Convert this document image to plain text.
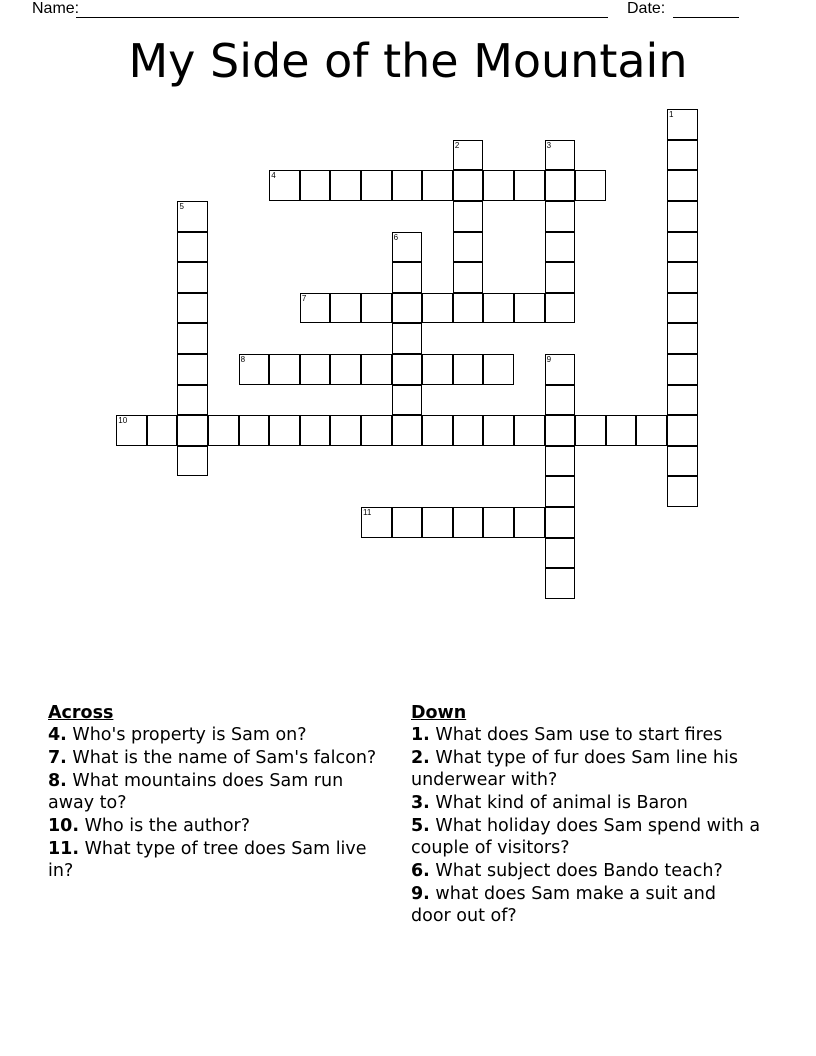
Name:	Date:
My Side of the Mountain
1
2	3
4
5
6
7
8	9
10
11
Across
4. Who's property is Sam on?
7. What is the name of Sam's falcon?
8. What mountains does Sam run away to?
10. Who is the author?
11. What type of tree does Sam live in?
Down
1. What does Sam use to start fires
2. What type of fur does Sam line his underwear with?
3. What kind of animal is Baron
5. What holiday does Sam spend with a couple of visitors?
6. What subject does Bando teach?
9. what does Sam make a suit and door out of?
